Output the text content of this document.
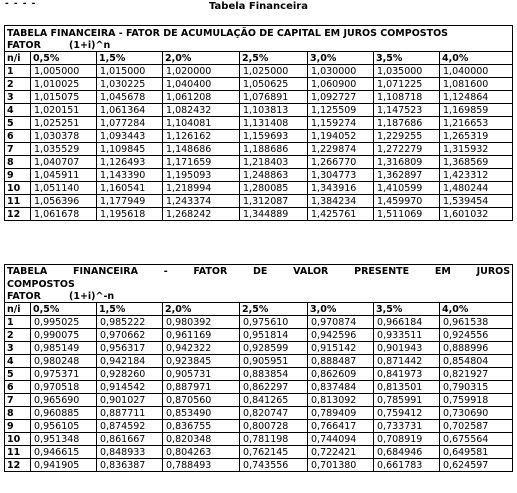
- - - -	Tabela Financeira
TABELA FINANCEIRA - FATOR DE ACUMULAÇÃO DE CAPITAL EM JUROS COMPOSTOS							
FATOR (1+i)^n							
n/i	0,5%	1,5%	2,0%	2,5%	3,0%	3,5%	4,0%
1	1,005000	1,015000	1,020000	1,025000	1,030000	1,035000	1,040000
2	1,010025	1,030225	1,040400	1,050625	1,060900	1,071225	1,081600
3	1,015075	1,045678	1,061208	1,076891	1,092727	1,108718	1,124864
4	1,020151	1,061364	1,082432	1,103813	1,125509	1,147523	1,169859
5	1,025251	1,077284	1,104081	1,131408	1,159274	1,187686	1,216653
6	1,030378	1,093443	1,126162	1,159693	1,194052	1,229255	1,265319
7	1,035529	1,109845	1,148686	1,188686	1,229874	1,272279	1,315932
8	1,040707	1,126493	1,171659	1,218403	1,266770	1,316809	1,368569
9	1,045911	1,143390	1,195093	1,248863	1,304773	1,362897	1,423312
10	1,051140	1,160541	1,218994	1,280085	1,343916	1,410599	1,480244
11	1,056396	1,177949	1,243374	1,312087	1,384234	1,459970	1,539454
12	1,061678	1,195618	1,268242	1,344889	1,425761	1,511069	1,601032
TABELA FINANCEIRA - FATOR DE VALOR PRESENTE EM JUROS							
COMPOSTOS							
FATOR (1+i)^-n							
n/i	0,5%	1,5%	2,0%	2,5%	3,0%	3,5%	4,0%
1	0,995025	0,985222	0,980392	0,975610	0,970874	0,966184	0,961538
2	0,990075	0,970662	0,961169	0,951814	0,942596	0,933511	0,924556
3	0,985149	0,956317	0,942322	0,928599	0,915142	0,901943	0,888996
4	0,980248	0,942184	0,923845	0,905951	0,888487	0,871442	0,854804
5	0,975371	0,928260	0,905731	0,883854	0,862609	0,841973	0,821927
6	0,970518	0,914542	0,887971	0,862297	0,837484	0,813501	0,790315
7	0,965690	0,901027	0,870560	0,841265	0,813092	0,785991	0,759918
8	0,960885	0,887711	0,853490	0,820747	0,789409	0,759412	0,730690
9	0,956105	0,874592	0,836755	0,800728	0,766417	0,733731	0,702587
10	0,951348	0,861667	0,820348	0,781198	0,744094	0,708919	0,675564
11	0,946615	0,848933	0,804263	0,762145	0,722421	0,684946	0,649581
12	0,941905	0,836387	0,788493	0,743556	0,701380	0,661783	0,624597
